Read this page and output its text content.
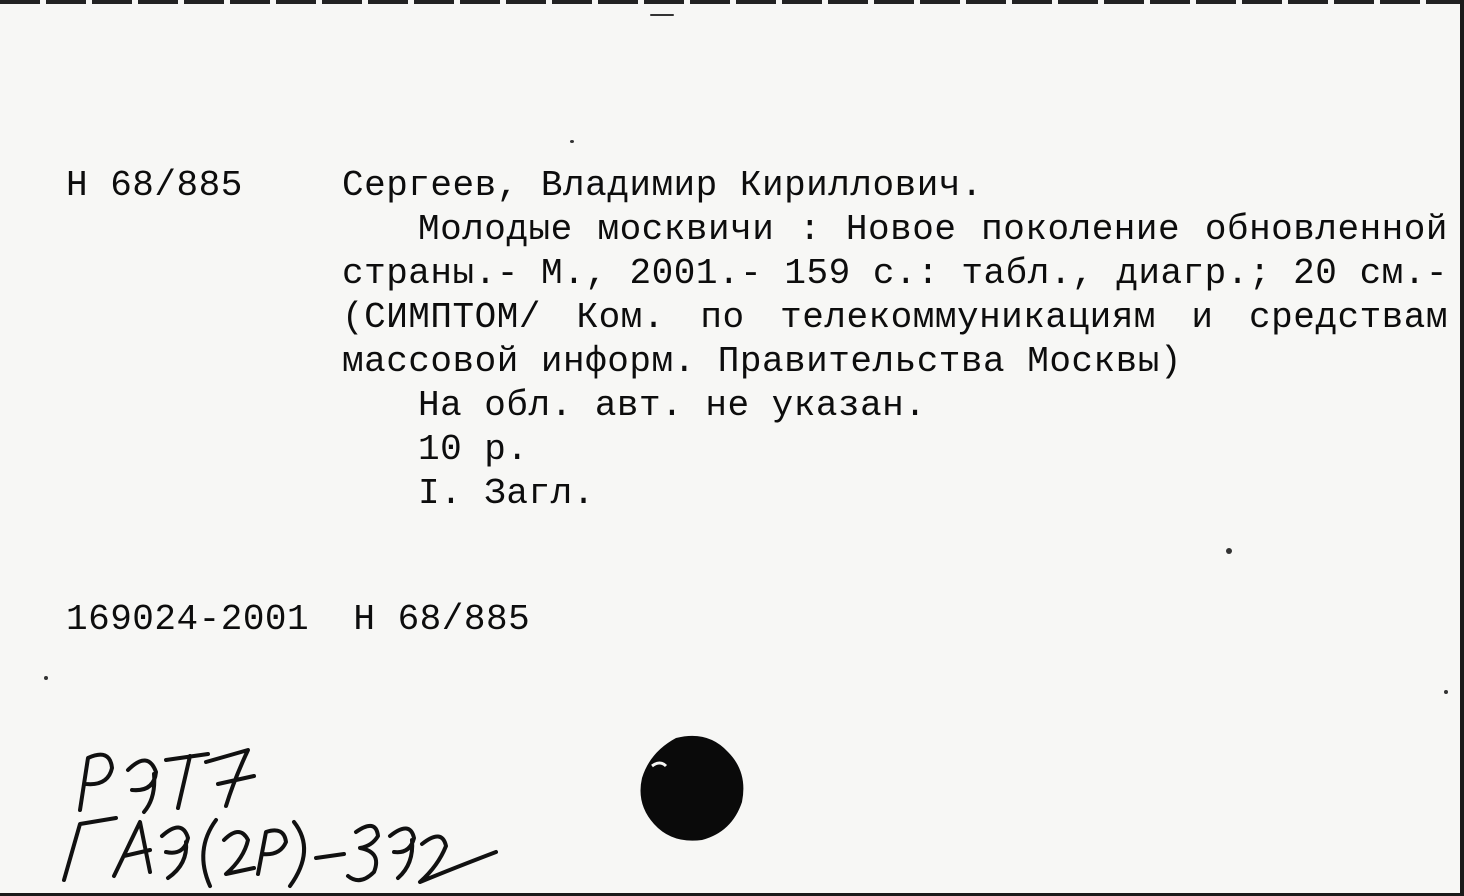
Н 68/885	Сергеев, Владимир Кириллович.

Молодые москвичи : Новое поколение обновленной страны.- М., 2001.- 159 с.: табл., диагр.; 20 см.- (СИМПТОМ/ Ком. по телекоммуникациям и средствам массовой информ. Правительства Москвы)

На обл. авт. не указан.
10 р.
I. Загл.
169024-2001 Н 68/885
